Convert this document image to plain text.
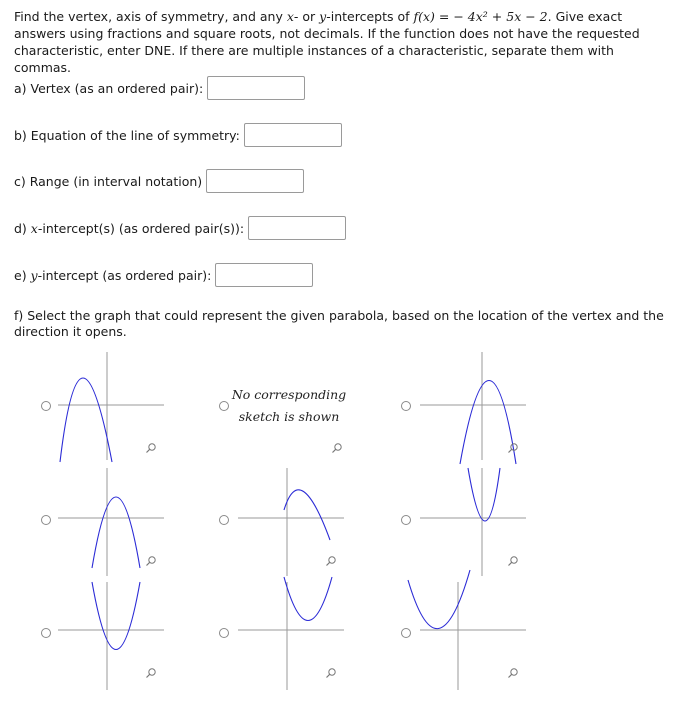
Find the vertex, axis of symmetry, and any x- or y-intercepts of f(x) = − 4x² + 5x − 2. Give exact answers using fractions and square roots, not decimals. If the function does not have the requested characteristic, enter DNE. If there are multiple instances of a characteristic, separate them with commas.
a) Vertex (as an ordered pair):
b) Equation of the line of symmetry:
c) Range (in interval notation)
d) x-intercept(s) (as ordered pair(s)):
e) y-intercept (as ordered pair):
f) Select the graph that could represent the given parabola, based on the location of the vertex and the direction it opens.
No corresponding
sketch is shown
